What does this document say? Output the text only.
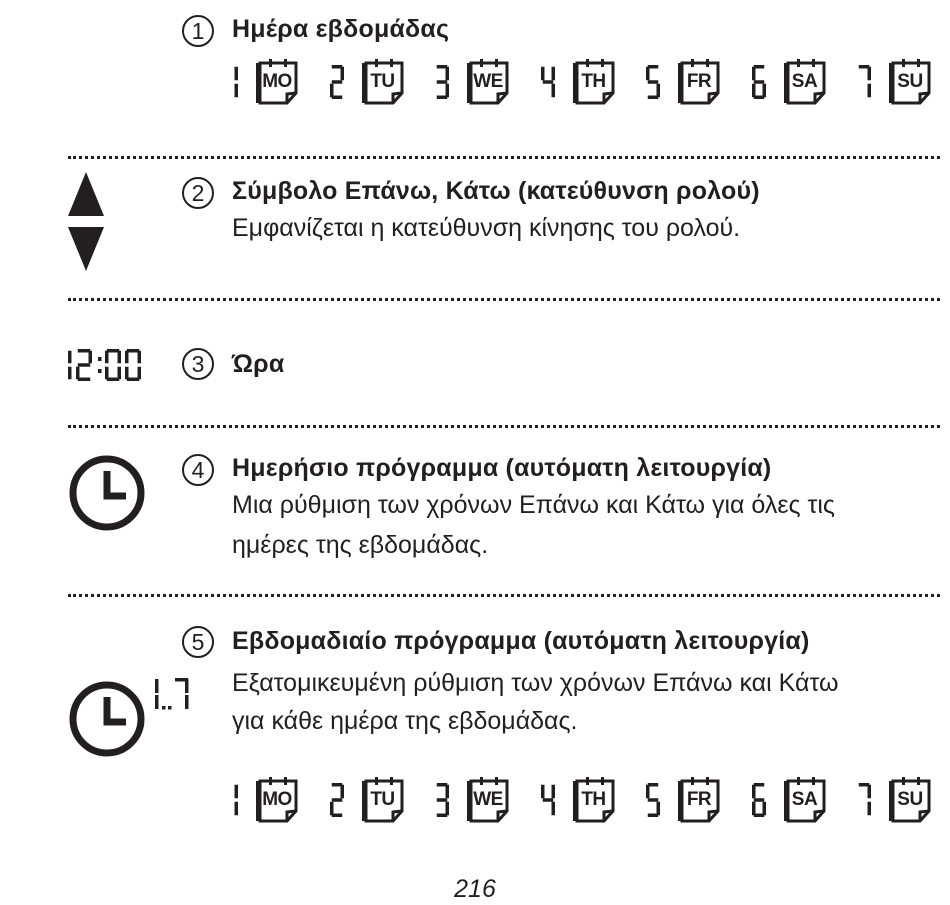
1	Ημέρα εβδομάδας
MO	TU	WE	TH	FR	SA	SU
2	Σύμβολο Επάνω, Κάτω (κατεύθυνση ρολού)
Εμφανίζεται η κατεύθυνση κίνησης του ρολού.
3	Ώρα
4	Ημερήσιο πρόγραμμα (αυτόματη λειτουργία)
Μια ρύθμιση των χρόνων Επάνω και Κάτω για όλες τις
ημέρες της εβδομάδας.
5	Εβδομαδιαίο πρόγραμμα (αυτόματη λειτουργία)
Εξατομικευμένη ρύθμιση των χρόνων Επάνω και Κάτω
για κάθε ημέρα της εβδομάδας.
MO	TU	WE	TH	FR	SA	SU
216
